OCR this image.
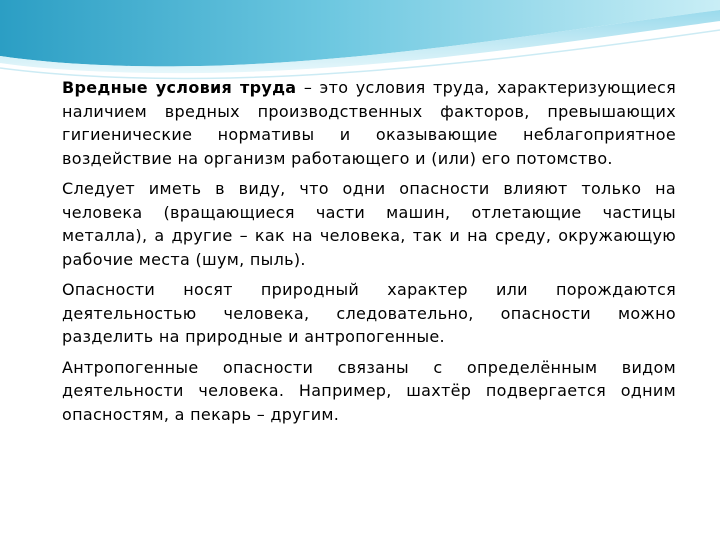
Вредные условия труда – это условия труда, характеризующиеся наличием вредных производственных факторов, превышающих гигиенические нормативы и оказывающие неблагоприятное воздействие на организм работающего и (или) его потомство.

Следует иметь в виду, что одни опасности влияют только на человека (вращающиеся части машин, отлетающие частицы металла), а другие – как на человека, так и на среду, окружающую рабочие места (шум, пыль).

Опасности носят природный характер или порождаются деятельностью человека, следовательно, опасности можно разделить на природные и антропогенные.

Антропогенные опасности связаны с определённым видом деятельности человека. Например, шахтёр подвергается одним опасностям, а пекарь – другим.
